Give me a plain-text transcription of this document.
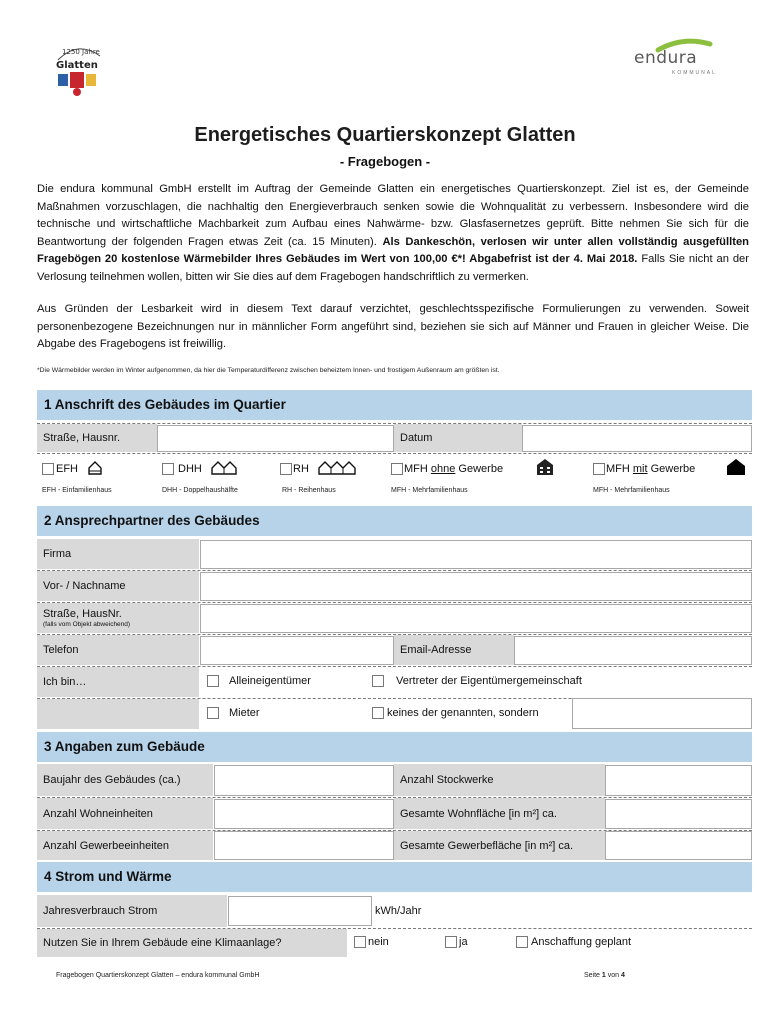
1250 Jahre
Glatten	endura
KOMMUNAL
Energetisches Quartierskonzept Glatten
- Fragebogen -
Die endura kommunal GmbH erstellt im Auftrag der Gemeinde Glatten ein energetisches Quartierskonzept. Ziel ist es, der Gemeinde Maßnahmen vorzuschlagen, die nachhaltig den Energieverbrauch senken sowie die Wohnqualität zu verbessern. Insbesondere wird die technische und wirtschaftliche Machbarkeit zum Aufbau eines Nahwärme- bzw. Glasfasernetzes geprüft. Bitte nehmen Sie sich für die Beantwortung der folgenden Fragen etwas Zeit (ca. 15 Minuten). Als Dankeschön, verlosen wir unter allen vollständig ausgefüllten Fragebögen 20 kostenlose Wärmebilder Ihres Gebäudes im Wert von 100,00 €*! Abgabefrist ist der 4. Mai 2018. Falls Sie nicht an der Verlosung teilnehmen wollen, bitten wir Sie dies auf dem Fragebogen handschriftlich zu vermerken.
Aus Gründen der Lesbarkeit wird in diesem Text darauf verzichtet, geschlechtsspezifische Formulierungen zu verwenden. Soweit personenbezogene Bezeichnungen nur in männlicher Form angeführt sind, beziehen sie sich auf Männer und Frauen in gleicher Weise. Die Abgabe des Fragebogens ist freiwillig.
*Die Wärmebilder werden im Winter aufgenommen, da hier die Temperaturdifferenz zwischen beheiztem Innen- und frostigem Außenraum am größten ist.
1 Anschrift des Gebäudes im Quartier
Straße, Hausnr.	Datum
EFH
EFH - Einfamilienhaus
DHH
DHH - Doppelhaushälfte
RH
RH - Reihenhaus
MFH ohne Gewerbe
MFH - Mehrfamilienhaus
MFH mit Gewerbe
MFH - Mehrfamilienhaus
2 Ansprechpartner des Gebäudes
Firma
Vor- / Nachname
Straße, HausNr.
(falls vom Objekt abweichend)
Telefon	Email-Adresse
Ich bin…	Alleineigentümer	Vertreter der Eigentümergemeinschaft
Mieter	keines der genannten, sondern
3 Angaben zum Gebäude
Baujahr des Gebäudes (ca.)	Anzahl Stockwerke
Anzahl Wohneinheiten	Gesamte Wohnfläche [in m²] ca.
Anzahl Gewerbeeinheiten	Gesamte Gewerbefläche [in m²] ca.
4 Strom und Wärme
Jahresverbrauch Strom	kWh/Jahr
Nutzen Sie in Ihrem Gebäude eine Klimaanlage?	nein	ja	Anschaffung geplant
Fragebogen Quartierskonzept Glatten – endura kommunal GmbH	Seite 1 von 4
